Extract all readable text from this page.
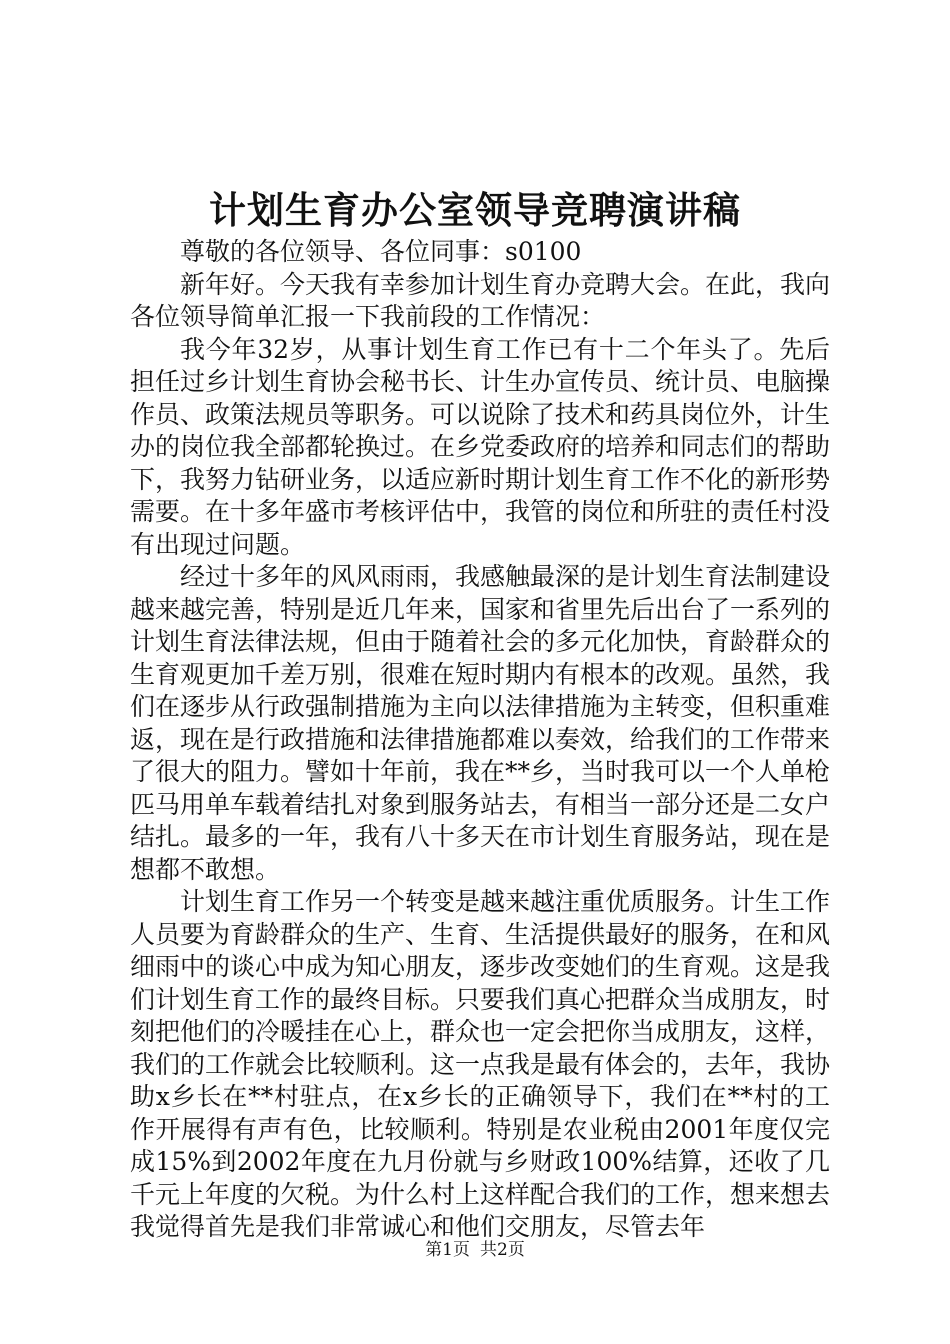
计划生育办公室领导竞聘演讲稿

尊敬的各位领导、各位同事：s0100

新年好。今天我有幸参加计划生育办竞聘大会。在此，我向各位领导简单汇报一下我前段的工作情况：

我今年32岁，从事计划生育工作已有十二个年头了。先后担任过乡计划生育协会秘书长、计生办宣传员、统计员、电脑操作员、政策法规员等职务。可以说除了技术和药具岗位外，计生办的岗位我全部都轮换过。在乡党委政府的培养和同志们的帮助下，我努力钻研业务，以适应新时期计划生育工作不化的新形势需要。在十多年盛市考核评估中，我管的岗位和所驻的责任村没有出现过问题。

经过十多年的风风雨雨，我感触最深的是计划生育法制建设越来越完善，特别是近几年来，国家和省里先后出台了一系列的计划生育法律法规，但由于随着社会的多元化加快，育龄群众的生育观更加千差万别，很难在短时期内有根本的改观。虽然，我们在逐步从行政强制措施为主向以法律措施为主转变，但积重难返，现在是行政措施和法律措施都难以奏效，给我们的工作带来了很大的阻力。譬如十年前，我在**乡，当时我可以一个人单枪匹马用单车载着结扎对象到服务站去，有相当一部分还是二女户结扎。最多的一年，我有八十多天在市计划生育服务站，现在是想都不敢想。

计划生育工作另一个转变是越来越注重优质服务。计生工作人员要为育龄群众的生产、生育、生活提供最好的服务，在和风细雨中的谈心中成为知心朋友，逐步改变她们的生育观。这是我们计划生育工作的最终目标。只要我们真心把群众当成朋友，时刻把他们的冷暖挂在心上，群众也一定会把你当成朋友，这样，我们的工作就会比较顺利。这一点我是最有体会的，去年，我协助x乡长在**村驻点，在x乡长的正确领导下，我们在**村的工作开展得有声有色，比较顺利。特别是农业税由2001年度仅完成15%到2002年度在九月份就与乡财政100%结算，还收了几千元上年度的欠税。为什么村上这样配合我们的工作，想来想去我觉得首先是我们非常诚心和他们交朋友，尽管去年

第1页 共2页
